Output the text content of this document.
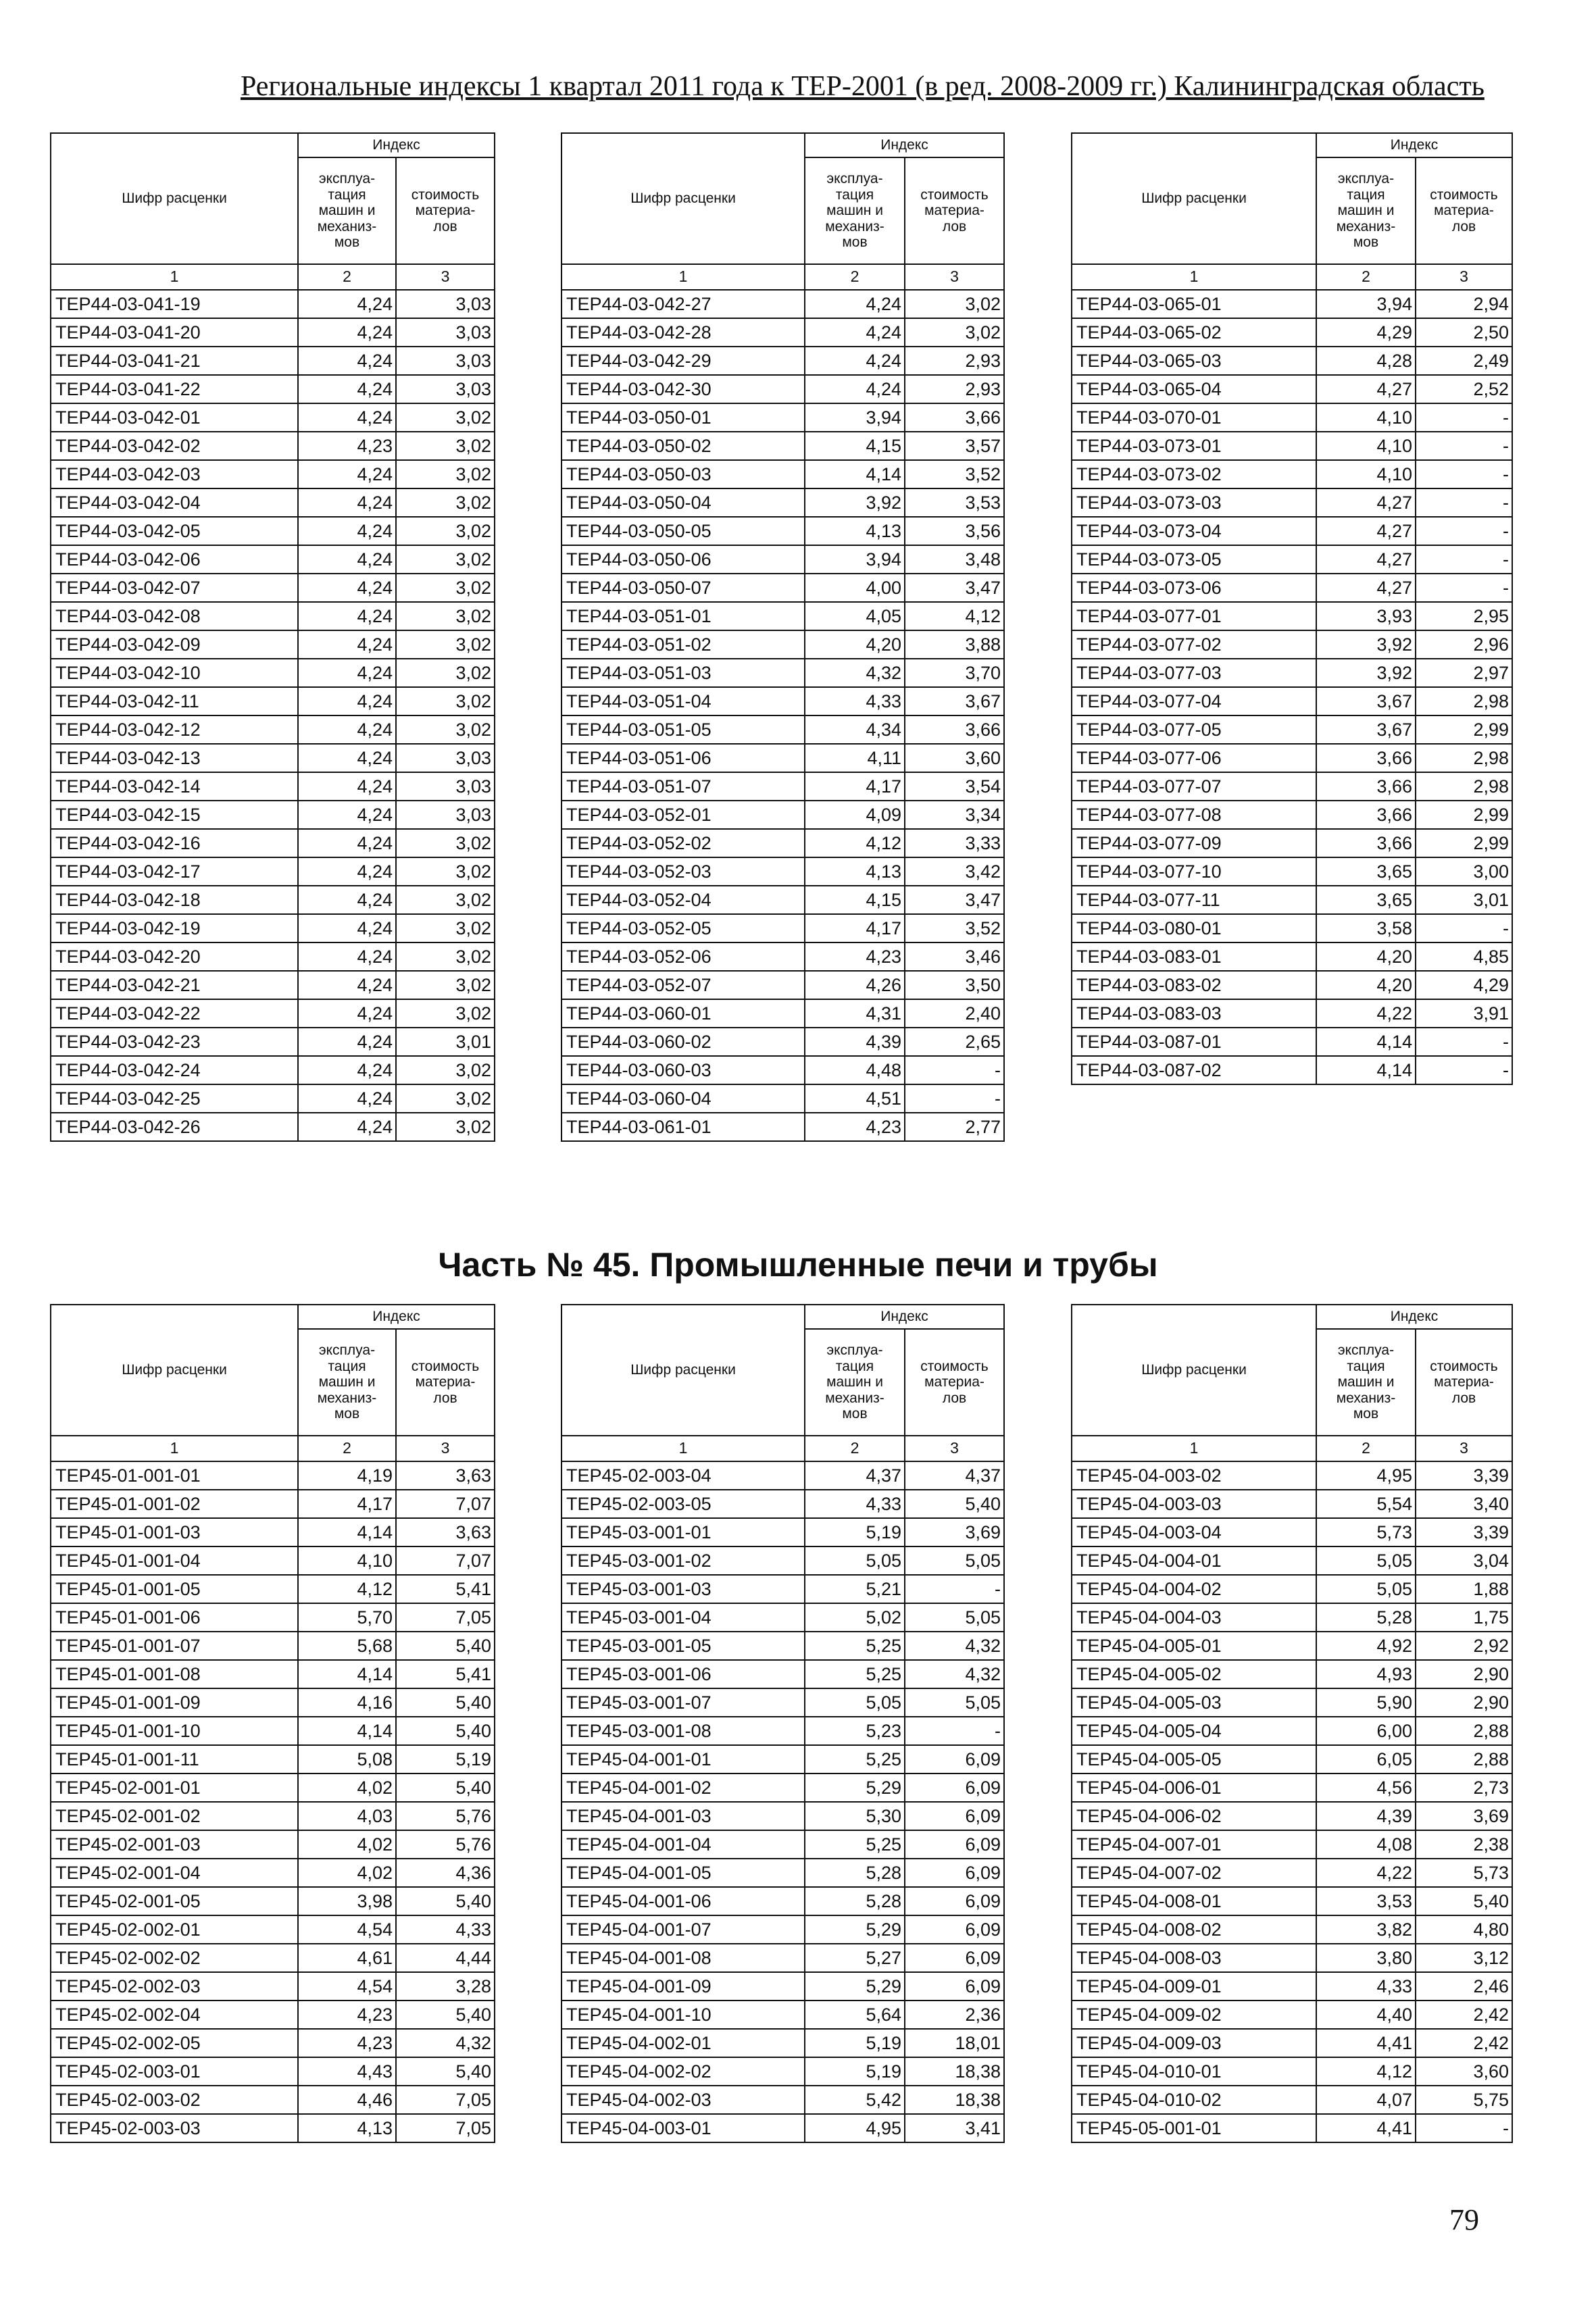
Региональные индексы 1 квартал 2011 года к ТЕР-2001 (в ред. 2008-2009 гг.) Калининградская область
Часть № 45. Промышленные печи и трубы
79
Шифр расценки	Индекс	
	эксплуа-
тация
машин и
механиз-
мов	стоимость
материа-
лов
1	2	3
ТЕР44-03-041-19	4,24	3,03
ТЕР44-03-041-20	4,24	3,03
ТЕР44-03-041-21	4,24	3,03
ТЕР44-03-041-22	4,24	3,03
ТЕР44-03-042-01	4,24	3,02
ТЕР44-03-042-02	4,23	3,02
ТЕР44-03-042-03	4,24	3,02
ТЕР44-03-042-04	4,24	3,02
ТЕР44-03-042-05	4,24	3,02
ТЕР44-03-042-06	4,24	3,02
ТЕР44-03-042-07	4,24	3,02
ТЕР44-03-042-08	4,24	3,02
ТЕР44-03-042-09	4,24	3,02
ТЕР44-03-042-10	4,24	3,02
ТЕР44-03-042-11	4,24	3,02
ТЕР44-03-042-12	4,24	3,02
ТЕР44-03-042-13	4,24	3,03
ТЕР44-03-042-14	4,24	3,03
ТЕР44-03-042-15	4,24	3,03
ТЕР44-03-042-16	4,24	3,02
ТЕР44-03-042-17	4,24	3,02
ТЕР44-03-042-18	4,24	3,02
ТЕР44-03-042-19	4,24	3,02
ТЕР44-03-042-20	4,24	3,02
ТЕР44-03-042-21	4,24	3,02
ТЕР44-03-042-22	4,24	3,02
ТЕР44-03-042-23	4,24	3,01
ТЕР44-03-042-24	4,24	3,02
ТЕР44-03-042-25	4,24	3,02
ТЕР44-03-042-26	4,24	3,02
Шифр расценки	Индекс	
	эксплуа-
тация
машин и
механиз-
мов	стоимость
материа-
лов
1	2	3
ТЕР44-03-042-27	4,24	3,02
ТЕР44-03-042-28	4,24	3,02
ТЕР44-03-042-29	4,24	2,93
ТЕР44-03-042-30	4,24	2,93
ТЕР44-03-050-01	3,94	3,66
ТЕР44-03-050-02	4,15	3,57
ТЕР44-03-050-03	4,14	3,52
ТЕР44-03-050-04	3,92	3,53
ТЕР44-03-050-05	4,13	3,56
ТЕР44-03-050-06	3,94	3,48
ТЕР44-03-050-07	4,00	3,47
ТЕР44-03-051-01	4,05	4,12
ТЕР44-03-051-02	4,20	3,88
ТЕР44-03-051-03	4,32	3,70
ТЕР44-03-051-04	4,33	3,67
ТЕР44-03-051-05	4,34	3,66
ТЕР44-03-051-06	4,11	3,60
ТЕР44-03-051-07	4,17	3,54
ТЕР44-03-052-01	4,09	3,34
ТЕР44-03-052-02	4,12	3,33
ТЕР44-03-052-03	4,13	3,42
ТЕР44-03-052-04	4,15	3,47
ТЕР44-03-052-05	4,17	3,52
ТЕР44-03-052-06	4,23	3,46
ТЕР44-03-052-07	4,26	3,50
ТЕР44-03-060-01	4,31	2,40
ТЕР44-03-060-02	4,39	2,65
ТЕР44-03-060-03	4,48	-
ТЕР44-03-060-04	4,51	-
ТЕР44-03-061-01	4,23	2,77
Шифр расценки	Индекс	
	эксплуа-
тация
машин и
механиз-
мов	стоимость
материа-
лов
1	2	3
ТЕР44-03-065-01	3,94	2,94
ТЕР44-03-065-02	4,29	2,50
ТЕР44-03-065-03	4,28	2,49
ТЕР44-03-065-04	4,27	2,52
ТЕР44-03-070-01	4,10	-
ТЕР44-03-073-01	4,10	-
ТЕР44-03-073-02	4,10	-
ТЕР44-03-073-03	4,27	-
ТЕР44-03-073-04	4,27	-
ТЕР44-03-073-05	4,27	-
ТЕР44-03-073-06	4,27	-
ТЕР44-03-077-01	3,93	2,95
ТЕР44-03-077-02	3,92	2,96
ТЕР44-03-077-03	3,92	2,97
ТЕР44-03-077-04	3,67	2,98
ТЕР44-03-077-05	3,67	2,99
ТЕР44-03-077-06	3,66	2,98
ТЕР44-03-077-07	3,66	2,98
ТЕР44-03-077-08	3,66	2,99
ТЕР44-03-077-09	3,66	2,99
ТЕР44-03-077-10	3,65	3,00
ТЕР44-03-077-11	3,65	3,01
ТЕР44-03-080-01	3,58	-
ТЕР44-03-083-01	4,20	4,85
ТЕР44-03-083-02	4,20	4,29
ТЕР44-03-083-03	4,22	3,91
ТЕР44-03-087-01	4,14	-
ТЕР44-03-087-02	4,14	-
Шифр расценки	Индекс	
	эксплуа-
тация
машин и
механиз-
мов	стоимость
материа-
лов
1	2	3
ТЕР45-01-001-01	4,19	3,63
ТЕР45-01-001-02	4,17	7,07
ТЕР45-01-001-03	4,14	3,63
ТЕР45-01-001-04	4,10	7,07
ТЕР45-01-001-05	4,12	5,41
ТЕР45-01-001-06	5,70	7,05
ТЕР45-01-001-07	5,68	5,40
ТЕР45-01-001-08	4,14	5,41
ТЕР45-01-001-09	4,16	5,40
ТЕР45-01-001-10	4,14	5,40
ТЕР45-01-001-11	5,08	5,19
ТЕР45-02-001-01	4,02	5,40
ТЕР45-02-001-02	4,03	5,76
ТЕР45-02-001-03	4,02	5,76
ТЕР45-02-001-04	4,02	4,36
ТЕР45-02-001-05	3,98	5,40
ТЕР45-02-002-01	4,54	4,33
ТЕР45-02-002-02	4,61	4,44
ТЕР45-02-002-03	4,54	3,28
ТЕР45-02-002-04	4,23	5,40
ТЕР45-02-002-05	4,23	4,32
ТЕР45-02-003-01	4,43	5,40
ТЕР45-02-003-02	4,46	7,05
ТЕР45-02-003-03	4,13	7,05
Шифр расценки	Индекс	
	эксплуа-
тация
машин и
механиз-
мов	стоимость
материа-
лов
1	2	3
ТЕР45-02-003-04	4,37	4,37
ТЕР45-02-003-05	4,33	5,40
ТЕР45-03-001-01	5,19	3,69
ТЕР45-03-001-02	5,05	5,05
ТЕР45-03-001-03	5,21	-
ТЕР45-03-001-04	5,02	5,05
ТЕР45-03-001-05	5,25	4,32
ТЕР45-03-001-06	5,25	4,32
ТЕР45-03-001-07	5,05	5,05
ТЕР45-03-001-08	5,23	-
ТЕР45-04-001-01	5,25	6,09
ТЕР45-04-001-02	5,29	6,09
ТЕР45-04-001-03	5,30	6,09
ТЕР45-04-001-04	5,25	6,09
ТЕР45-04-001-05	5,28	6,09
ТЕР45-04-001-06	5,28	6,09
ТЕР45-04-001-07	5,29	6,09
ТЕР45-04-001-08	5,27	6,09
ТЕР45-04-001-09	5,29	6,09
ТЕР45-04-001-10	5,64	2,36
ТЕР45-04-002-01	5,19	18,01
ТЕР45-04-002-02	5,19	18,38
ТЕР45-04-002-03	5,42	18,38
ТЕР45-04-003-01	4,95	3,41
Шифр расценки	Индекс	
	эксплуа-
тация
машин и
механиз-
мов	стоимость
материа-
лов
1	2	3
ТЕР45-04-003-02	4,95	3,39
ТЕР45-04-003-03	5,54	3,40
ТЕР45-04-003-04	5,73	3,39
ТЕР45-04-004-01	5,05	3,04
ТЕР45-04-004-02	5,05	1,88
ТЕР45-04-004-03	5,28	1,75
ТЕР45-04-005-01	4,92	2,92
ТЕР45-04-005-02	4,93	2,90
ТЕР45-04-005-03	5,90	2,90
ТЕР45-04-005-04	6,00	2,88
ТЕР45-04-005-05	6,05	2,88
ТЕР45-04-006-01	4,56	2,73
ТЕР45-04-006-02	4,39	3,69
ТЕР45-04-007-01	4,08	2,38
ТЕР45-04-007-02	4,22	5,73
ТЕР45-04-008-01	3,53	5,40
ТЕР45-04-008-02	3,82	4,80
ТЕР45-04-008-03	3,80	3,12
ТЕР45-04-009-01	4,33	2,46
ТЕР45-04-009-02	4,40	2,42
ТЕР45-04-009-03	4,41	2,42
ТЕР45-04-010-01	4,12	3,60
ТЕР45-04-010-02	4,07	5,75
ТЕР45-05-001-01	4,41	-
